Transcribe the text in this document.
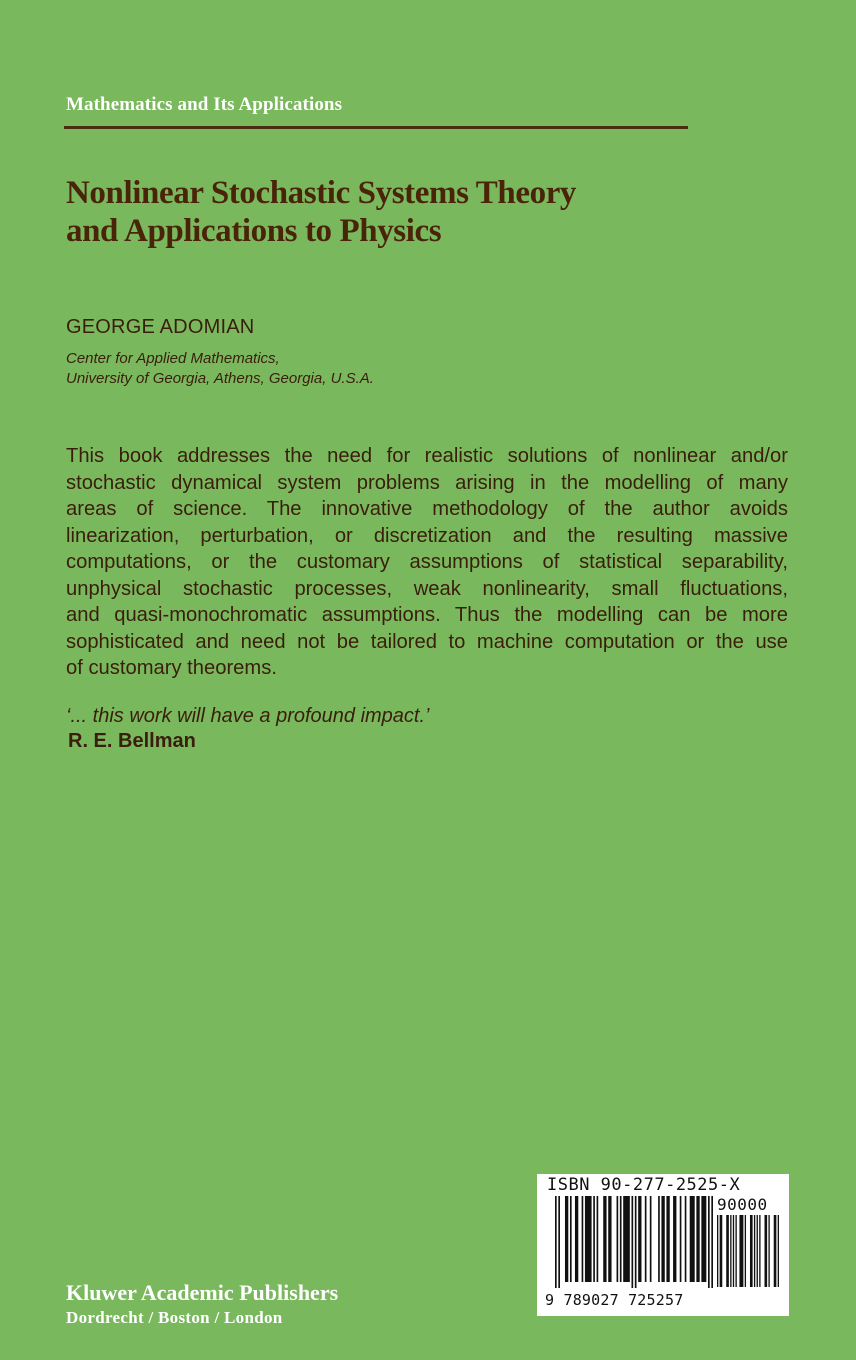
Mathematics and Its Applications
Nonlinear Stochastic Systems Theory
and Applications to Physics
GEORGE ADOMIAN
Center for Applied Mathematics,
University of Georgia, Athens, Georgia, U.S.A.
This book addresses the need for realistic solutions of nonlinear and/or
stochastic dynamical system problems arising in the modelling of many
areas of science. The innovative methodology of the author avoids
linearization, perturbation, or discretization and the resulting massive
computations, or the customary assumptions of statistical separability,
unphysical stochastic processes, weak nonlinearity, small fluctuations,
and quasi-monochromatic assumptions. Thus the modelling can be more
sophisticated and need not be tailored to machine computation or the use
of customary theorems.
‘... this work will have a profound impact.’
R. E. Bellman
ISBN 90-277-2525-X
90000
9 789027 725257
Kluwer Academic Publishers
Dordrecht / Boston / London
